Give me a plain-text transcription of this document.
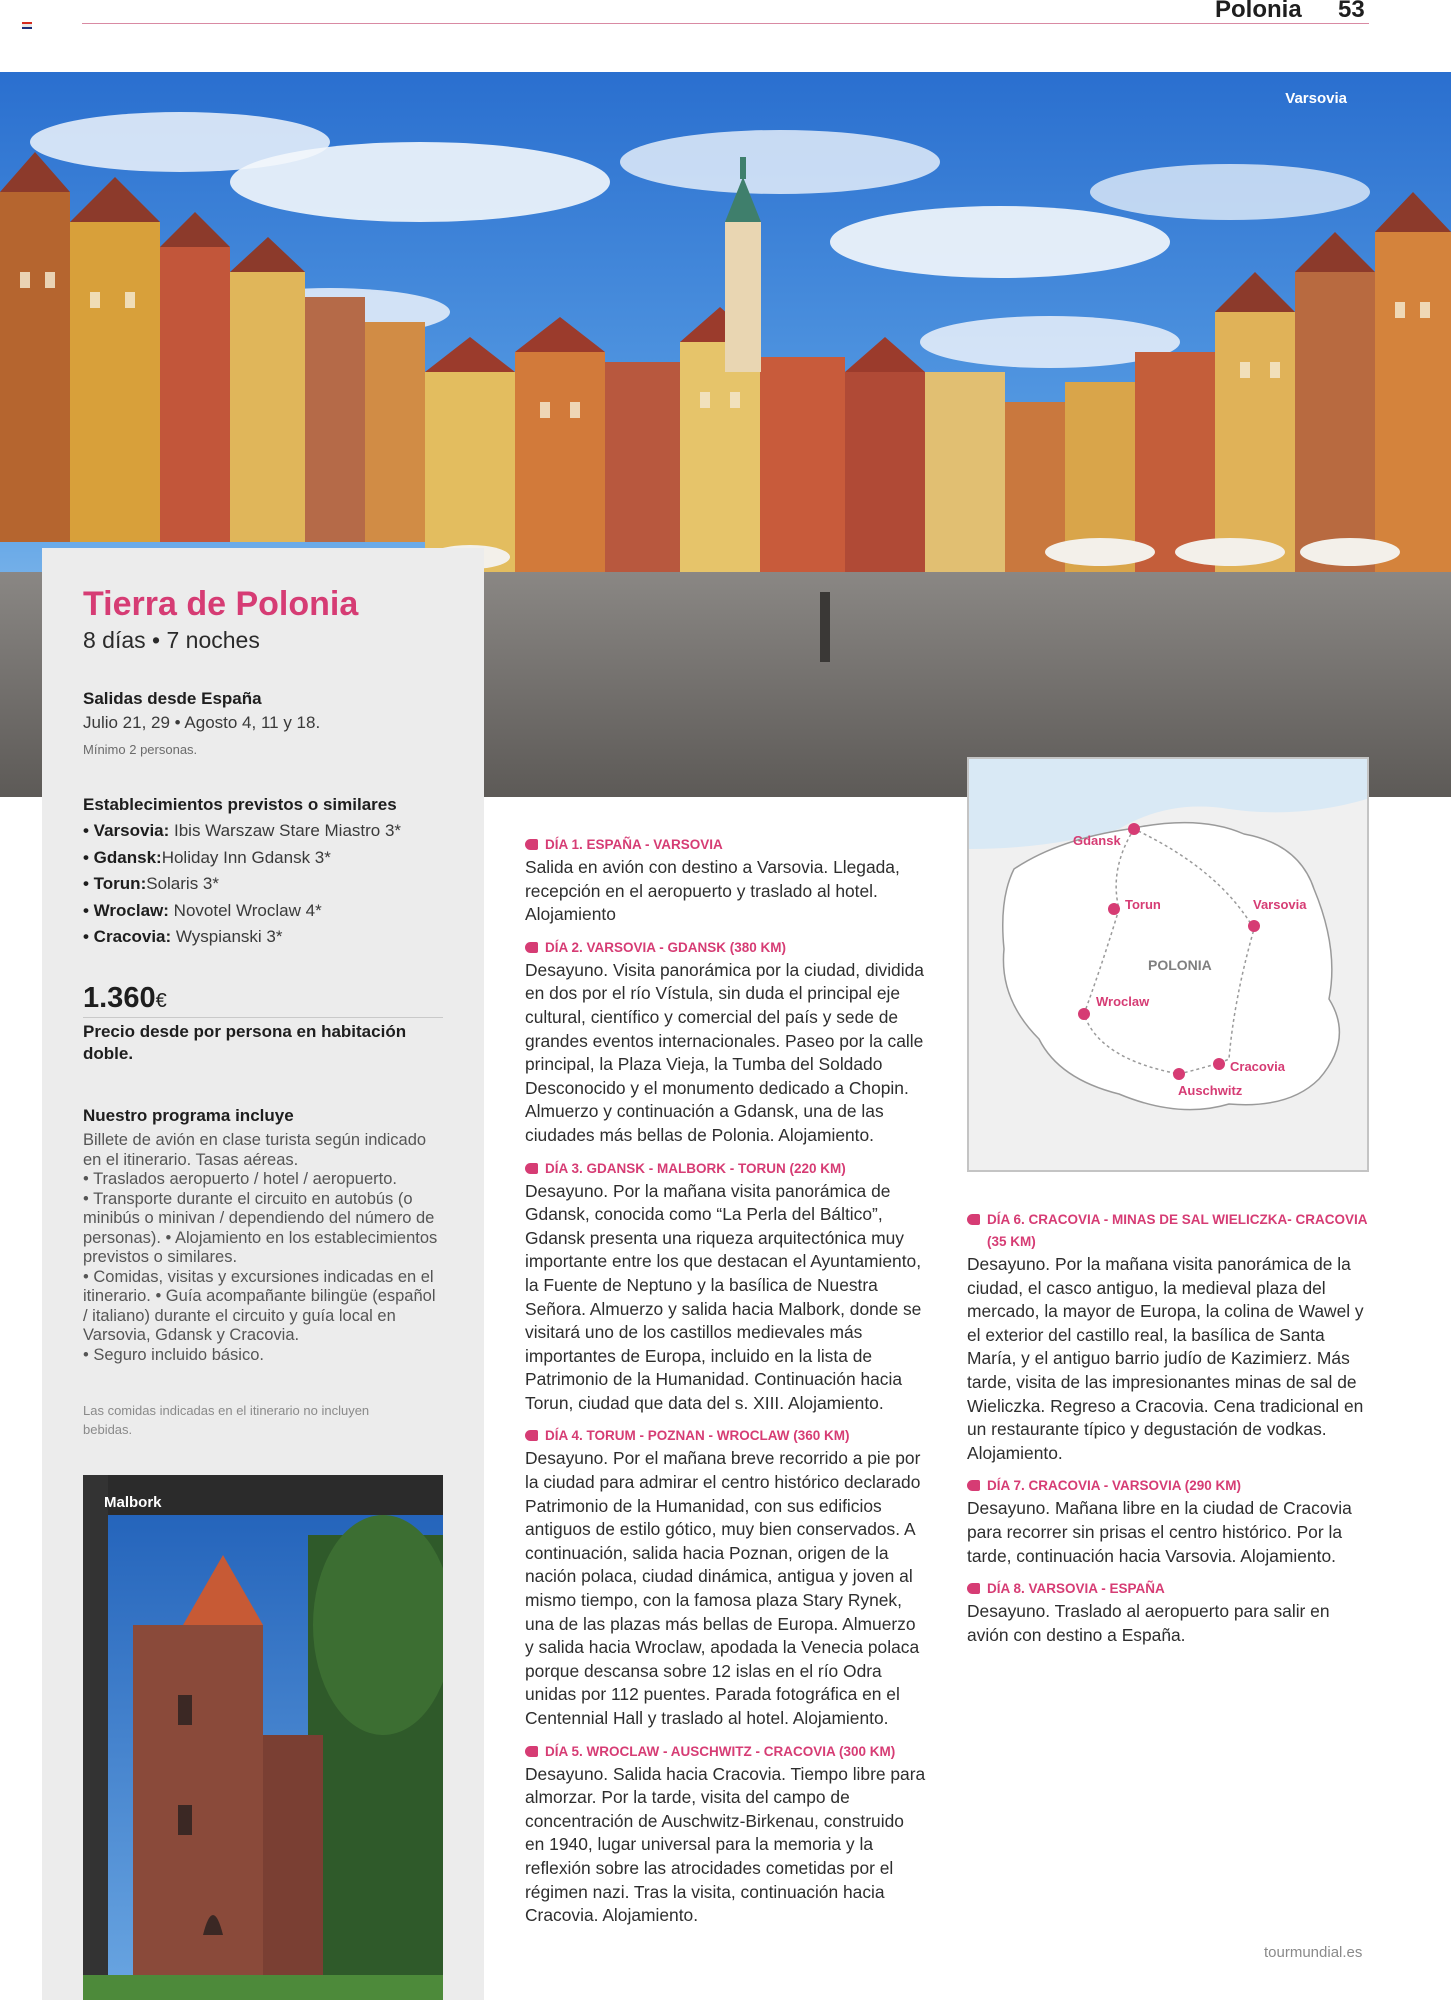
Polonia 53
Varsovia
Tierra de Polonia
8 días • 7 noches
Salidas desde España
Julio 21, 29 • Agosto 4, 11 y 18.
Mínimo 2 personas.
Establecimientos previstos o similares
• Varsovia: Ibis Warszaw Stare Miastro 3*
• Gdansk:Holiday Inn Gdansk 3*
• Torun:Solaris 3*
• Wroclaw: Novotel Wroclaw 4*
• Cracovia: Wyspianski 3*
1.360€
Precio desde por persona en habitación doble.
Nuestro programa incluye

Billete de avión en clase turista según indicado en el itinerario. Tasas aéreas.

• Traslados aeropuerto / hotel / aeropuerto.

• Transporte durante el circuito en autobús (o minibús o minivan / dependiendo del número de personas). • Alojamiento en los establecimientos previstos o similares.

• Comidas, visitas y excursiones indicadas en el itinerario. • Guía acompañante bilingüe (español / italiano) durante el circuito y guía local en Varsovia, Gdansk y Cracovia.

• Seguro incluido básico.

Las comidas indicadas en el itinerario no incluyen bebidas.
Malbork
DÍA 1. ESPAÑA - VARSOVIA
Salida en avión con destino a Varsovia. Llegada, recepción en el aeropuerto y traslado al hotel. Alojamiento
DÍA 2. VARSOVIA - GDANSK (380 KM)
Desayuno. Visita panorámica por la ciudad, dividida en dos por el río Vístula, sin duda el principal eje cultural, científico y comercial del país y sede de grandes eventos internacionales. Paseo por la calle principal, la Plaza Vieja, la Tumba del Soldado Desconocido y el monumento dedicado a Chopin. Almuerzo y continuación a Gdansk, una de las ciudades más bellas de Polonia. Alojamiento.
DÍA 3. GDANSK - MALBORK - TORUN (220 KM)
Desayuno. Por la mañana visita panorámica de Gdansk, conocida como “La Perla del Báltico”, Gdansk presenta una riqueza arquitectónica muy importante entre los que destacan el Ayuntamiento, la Fuente de Neptuno y la basílica de Nuestra Señora. Almuerzo y salida hacia Malbork, donde se visitará uno de los castillos medievales más importantes de Europa, incluido en la lista de Patrimonio de la Humanidad. Continuación hacia Torun, ciudad que data del s. XIII. Alojamiento.
DÍA 4. TORUM - POZNAN - WROCLAW (360 KM)
Desayuno. Por el mañana breve recorrido a pie por la ciudad para admirar el centro histórico declarado Patrimonio de la Humanidad, con sus edificios antiguos de estilo gótico, muy bien conservados. A continuación, salida hacia Poznan, origen de la nación polaca, ciudad dinámica, antigua y joven al mismo tiempo, con la famosa plaza Stary Rynek, una de las plazas más bellas de Europa. Almuerzo y salida hacia Wroclaw, apodada la Venecia polaca porque descansa sobre 12 islas en el río Odra unidas por 112 puentes. Parada fotográfica en el Centennial Hall y traslado al hotel. Alojamiento.
DÍA 5. WROCLAW - AUSCHWITZ - CRACOVIA (300 KM)
Desayuno. Salida hacia Cracovia. Tiempo libre para almorzar. Por la tarde, visita del campo de concentración de Auschwitz-Birkenau, construido en 1940, lugar universal para la memoria y la reflexión sobre las atrocidades cometidas por el régimen nazi. Tras la visita, continuación hacia Cracovia. Alojamiento.
Gdansk
Torun	Varsovia
Wroclaw
Cracovia
Auschwitz
POLONIA
DÍA 6. CRACOVIA - MINAS DE SAL WIELICZKA- CRACOVIA (35 KM)
Desayuno. Por la mañana visita panorámica de la ciudad, el casco antiguo, la medieval plaza del mercado, la mayor de Europa, la colina de Wawel y el exterior del castillo real, la basílica de Santa María, y el antiguo barrio judío de Kazimierz. Más tarde, visita de las impresionantes minas de sal de Wieliczka. Regreso a Cracovia. Cena tradicional en un restaurante típico y degustación de vodkas. Alojamiento.
DÍA 7. CRACOVIA - VARSOVIA (290 KM)
Desayuno. Mañana libre en la ciudad de Cracovia para recorrer sin prisas el centro histórico. Por la tarde, continuación hacia Varsovia. Alojamiento.
DÍA 8. VARSOVIA - ESPAÑA
Desayuno. Traslado al aeropuerto para salir en avión con destino a España.
tourmundial.es
